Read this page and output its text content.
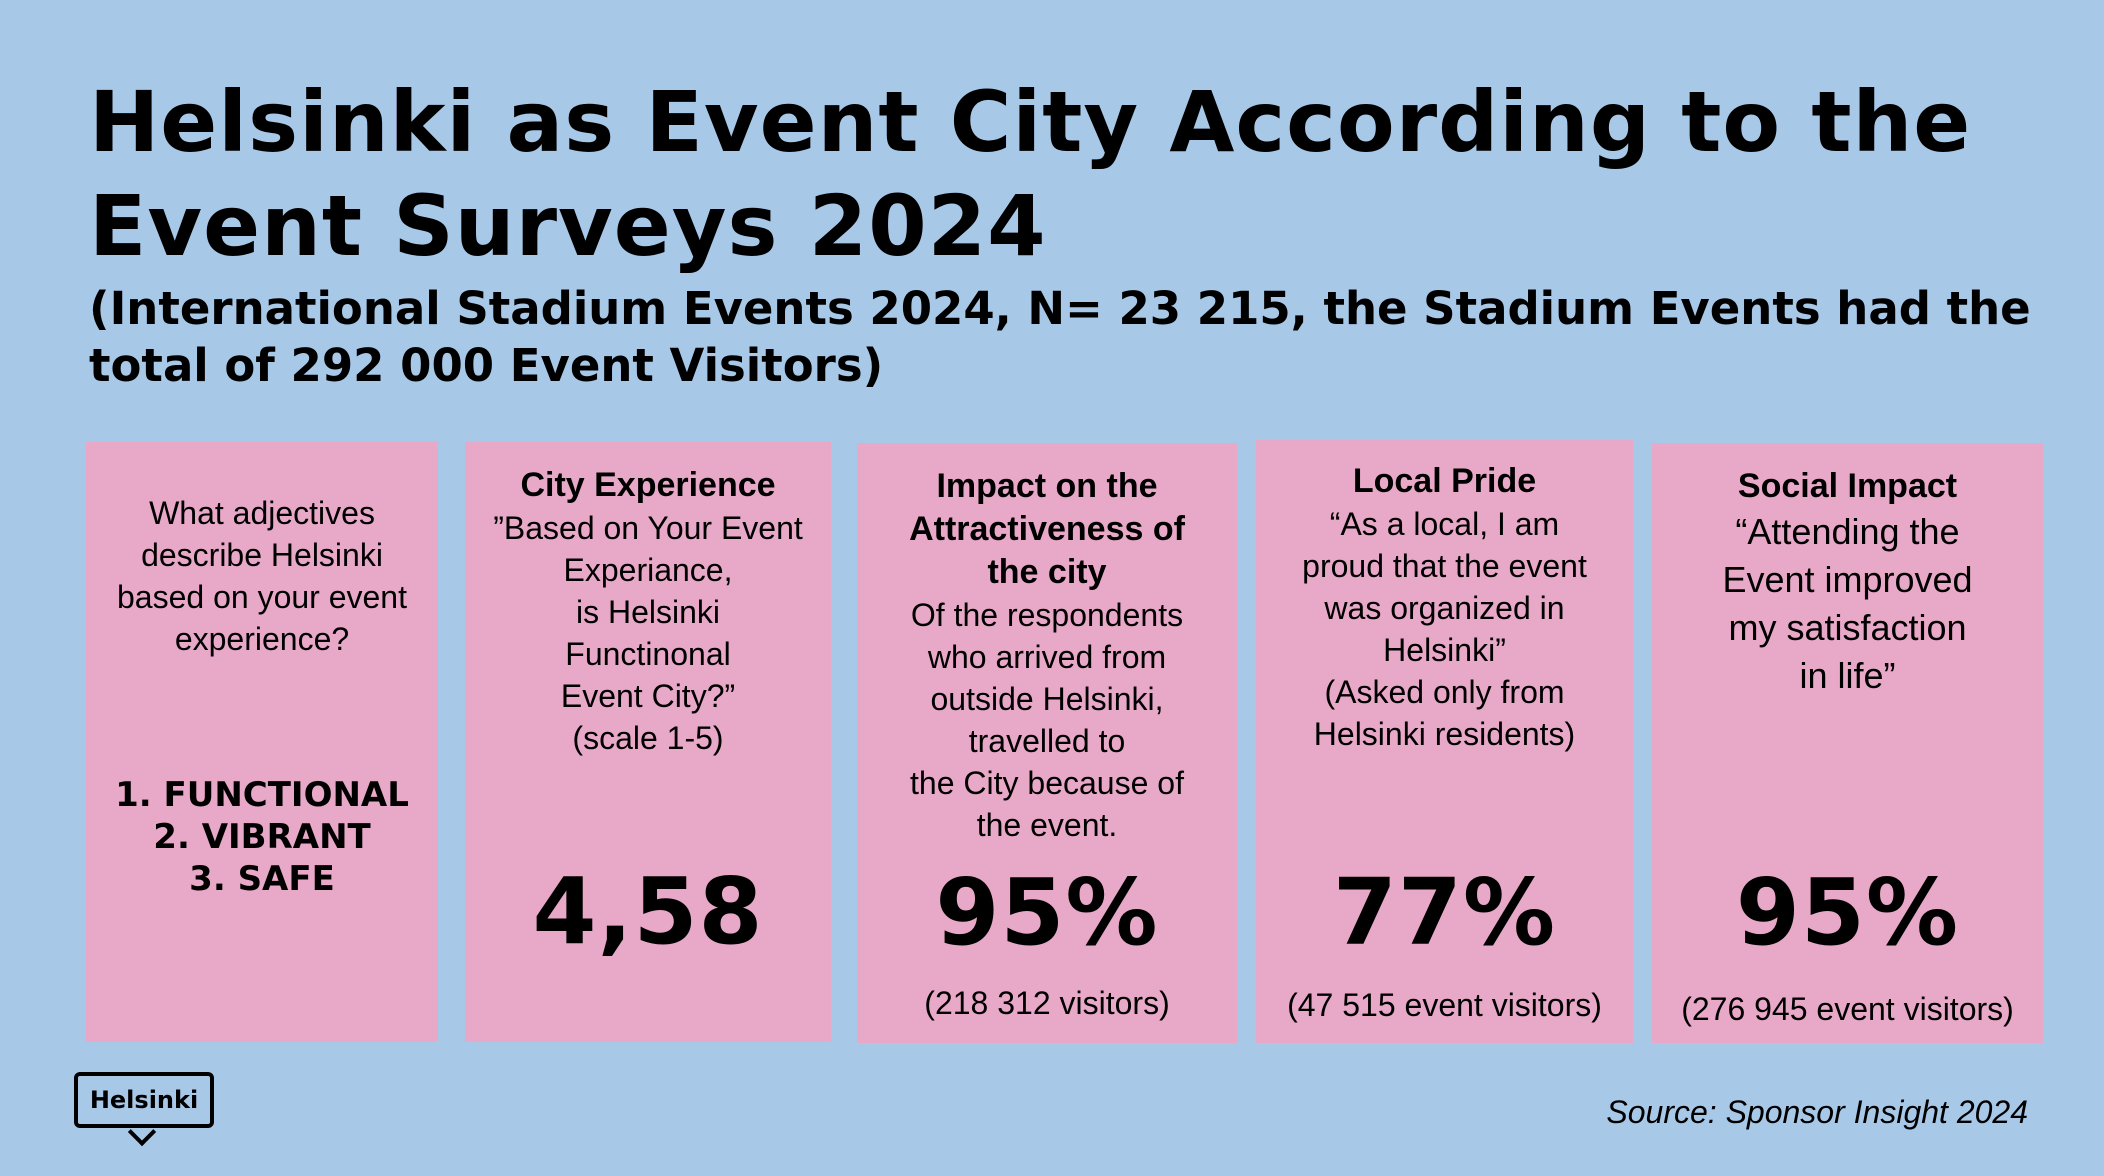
Helsinki as Event City According to the Event Surveys 2024

(International Stadium Events 2024, N= 23 215, the Stadium Events had the total of 292 000 Event Visitors)

What adjectives
describe Helsinki
based on your event
experience?
1. FUNCTIONAL
2. VIBRANT
3. SAFE
City Experience
”Based on Your Event
Experiance,
is Helsinki
Functinonal
Event City?”
(scale 1-5)
4,58
Impact on the
Attractiveness of
the city
Of the respondents
who arrived from
outside Helsinki,
travelled to
the City because of
the event.
95%
(218 312 visitors)
Local Pride
“As a local, I am
proud that the event
was organized in
Helsinki”
(Asked only from
Helsinki residents)
77%
(47 515 event visitors)
Social Impact
“Attending the
Event improved
my satisfaction
in life”
95%
(276 945 event visitors)
Helsinki	Source: Sponsor Insight 2024
